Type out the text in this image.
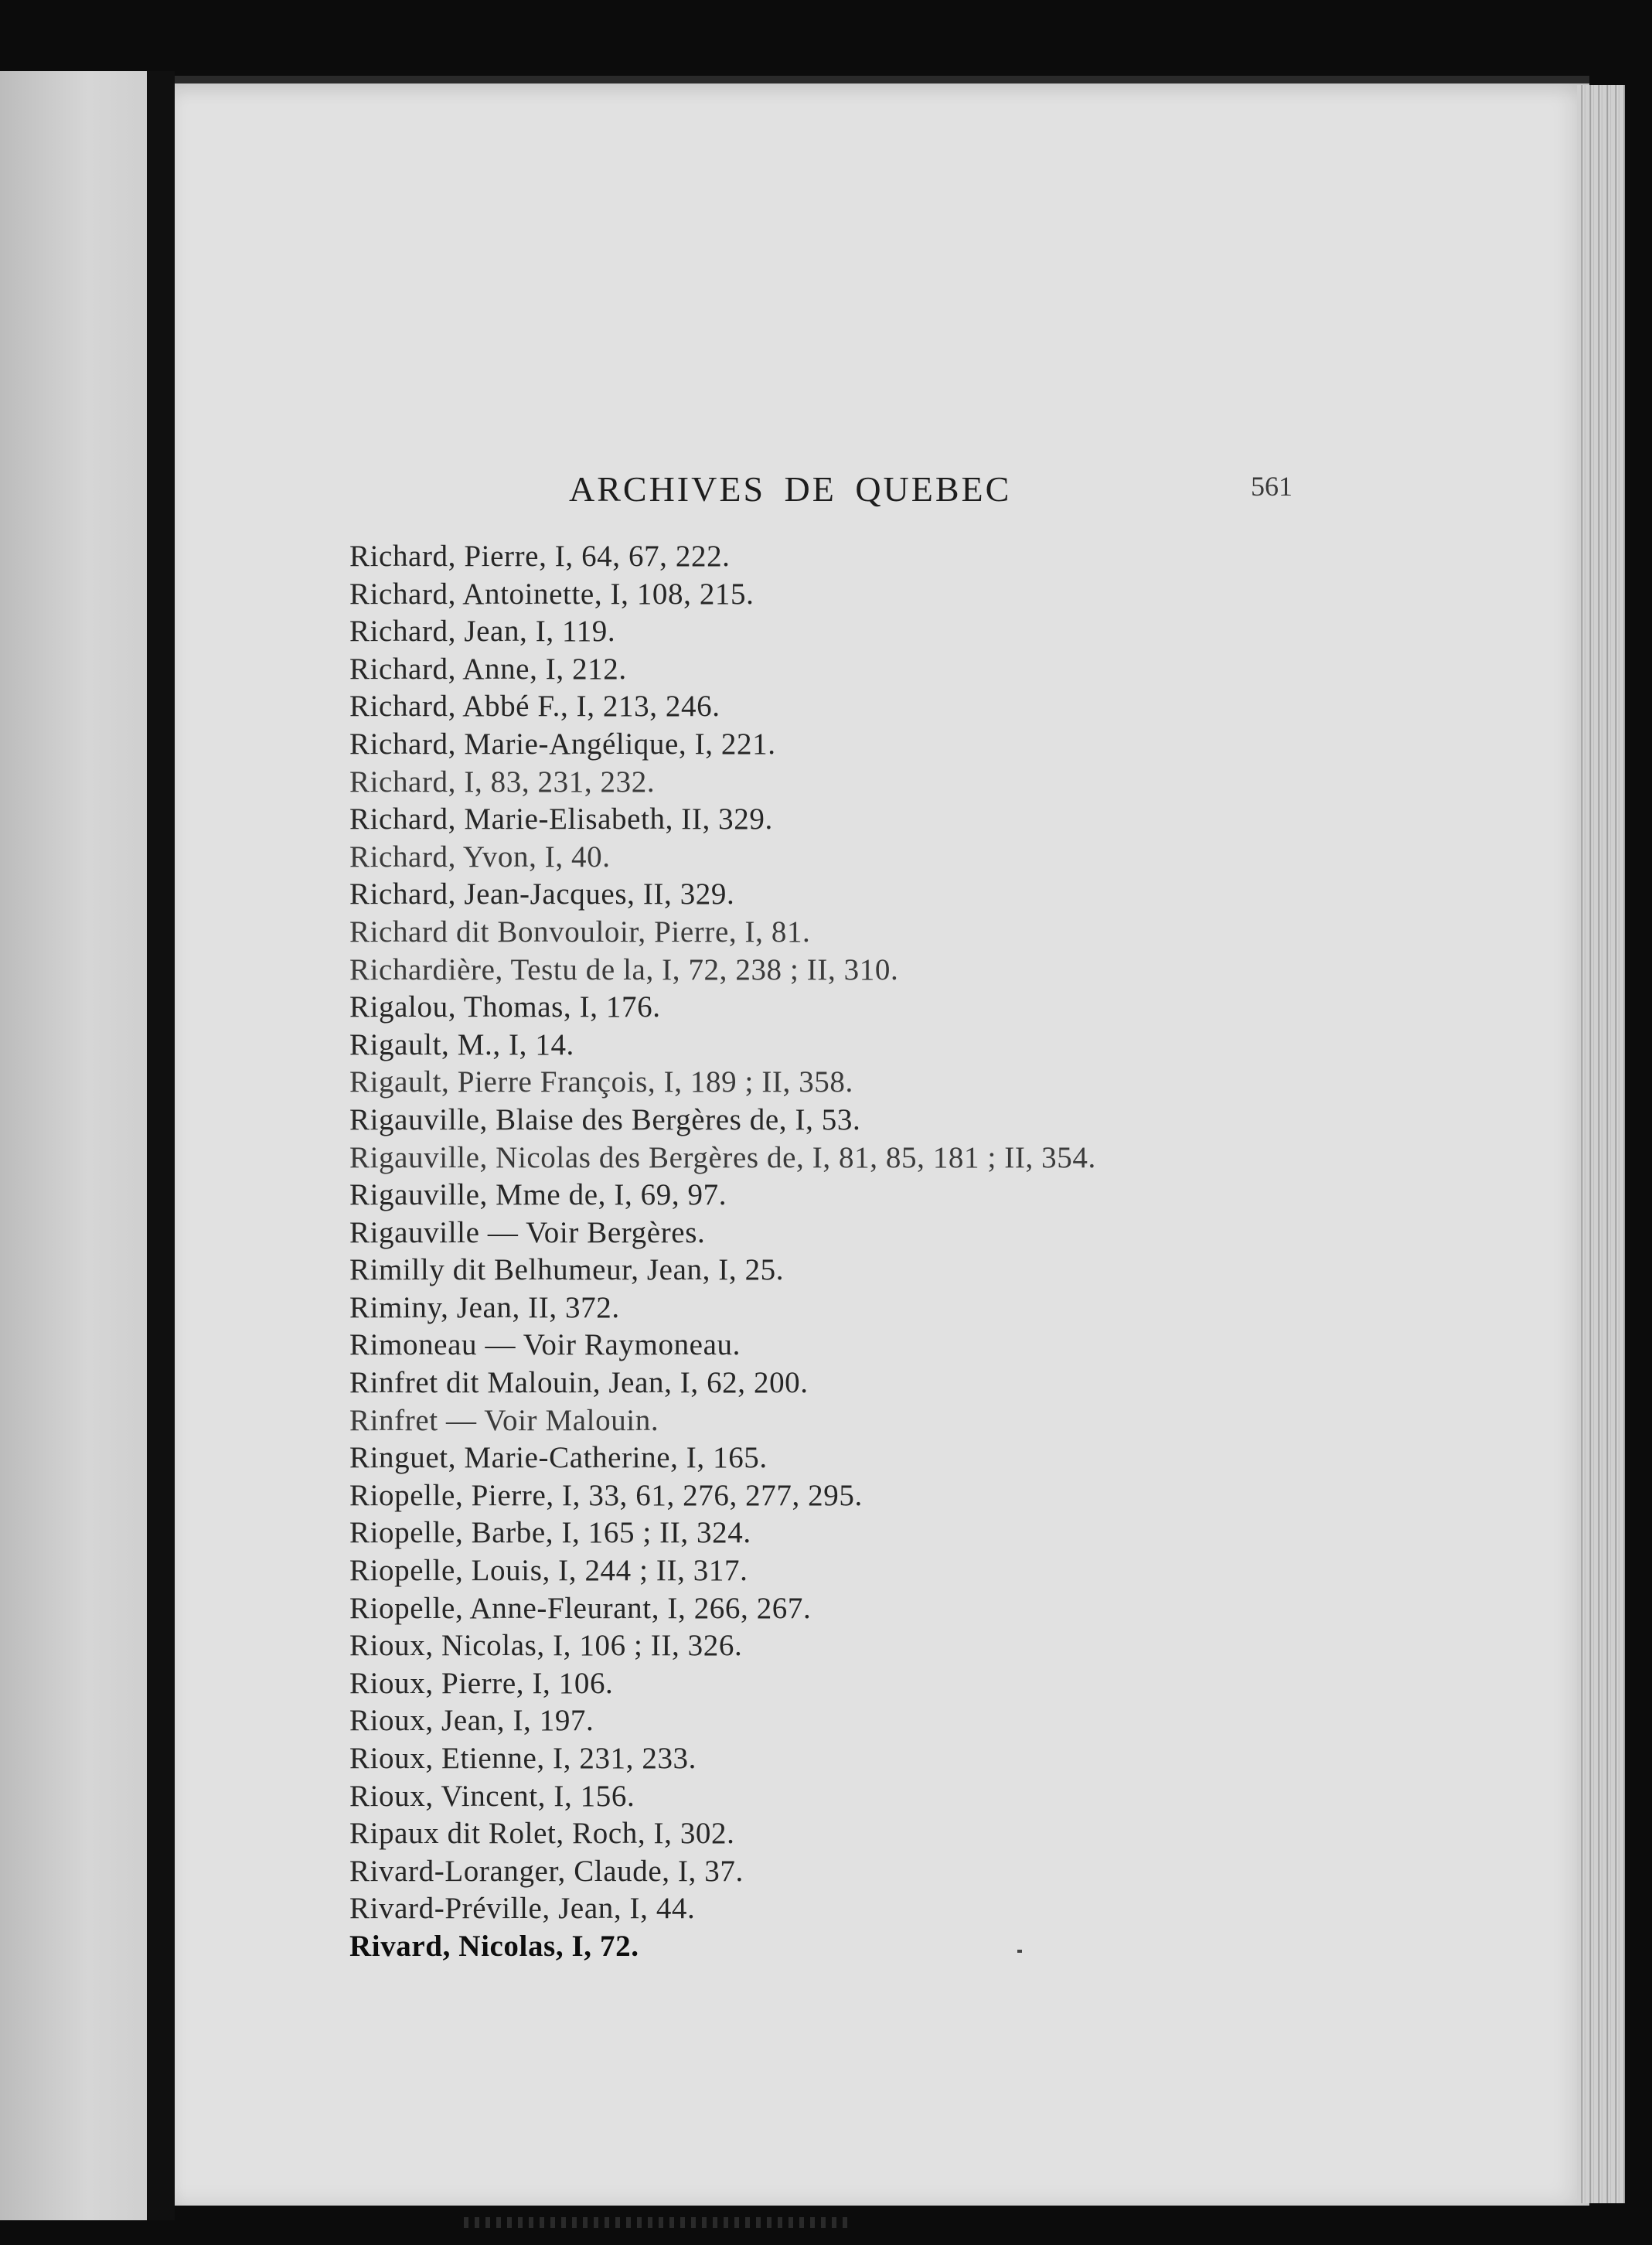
ARCHIVES DE QUEBEC	561
Richard, Pierre, I, 64, 67, 222.
Richard, Antoinette, I, 108, 215.
Richard, Jean, I, 119.
Richard, Anne, I, 212.
Richard, Abbé F., I, 213, 246.
Richard, Marie-Angélique, I, 221.
Richard, I, 83, 231, 232.
Richard, Marie-Elisabeth, II, 329.
Richard, Yvon, I, 40.
Richard, Jean-Jacques, II, 329.
Richard dit Bonvouloir, Pierre, I, 81.
Richardière, Testu de la, I, 72, 238 ; II, 310.
Rigalou, Thomas, I, 176.
Rigault, M., I, 14.
Rigault, Pierre François, I, 189 ; II, 358.
Rigauville, Blaise des Bergères de, I, 53.
Rigauville, Nicolas des Bergères de, I, 81, 85, 181 ; II, 354.
Rigauville, Mme de, I, 69, 97.
Rigauville — Voir Bergères.
Rimilly dit Belhumeur, Jean, I, 25.
Riminy, Jean, II, 372.
Rimoneau — Voir Raymoneau.
Rinfret dit Malouin, Jean, I, 62, 200.
Rinfret — Voir Malouin.
Ringuet, Marie-Catherine, I, 165.
Riopelle, Pierre, I, 33, 61, 276, 277, 295.
Riopelle, Barbe, I, 165 ; II, 324.
Riopelle, Louis, I, 244 ; II, 317.
Riopelle, Anne-Fleurant, I, 266, 267.
Rioux, Nicolas, I, 106 ; II, 326.
Rioux, Pierre, I, 106.
Rioux, Jean, I, 197.
Rioux, Etienne, I, 231, 233.
Rioux, Vincent, I, 156.
Ripaux dit Rolet, Roch, I, 302.
Rivard-Loranger, Claude, I, 37.
Rivard-Préville, Jean, I, 44.
Rivard, Nicolas, I, 72.
